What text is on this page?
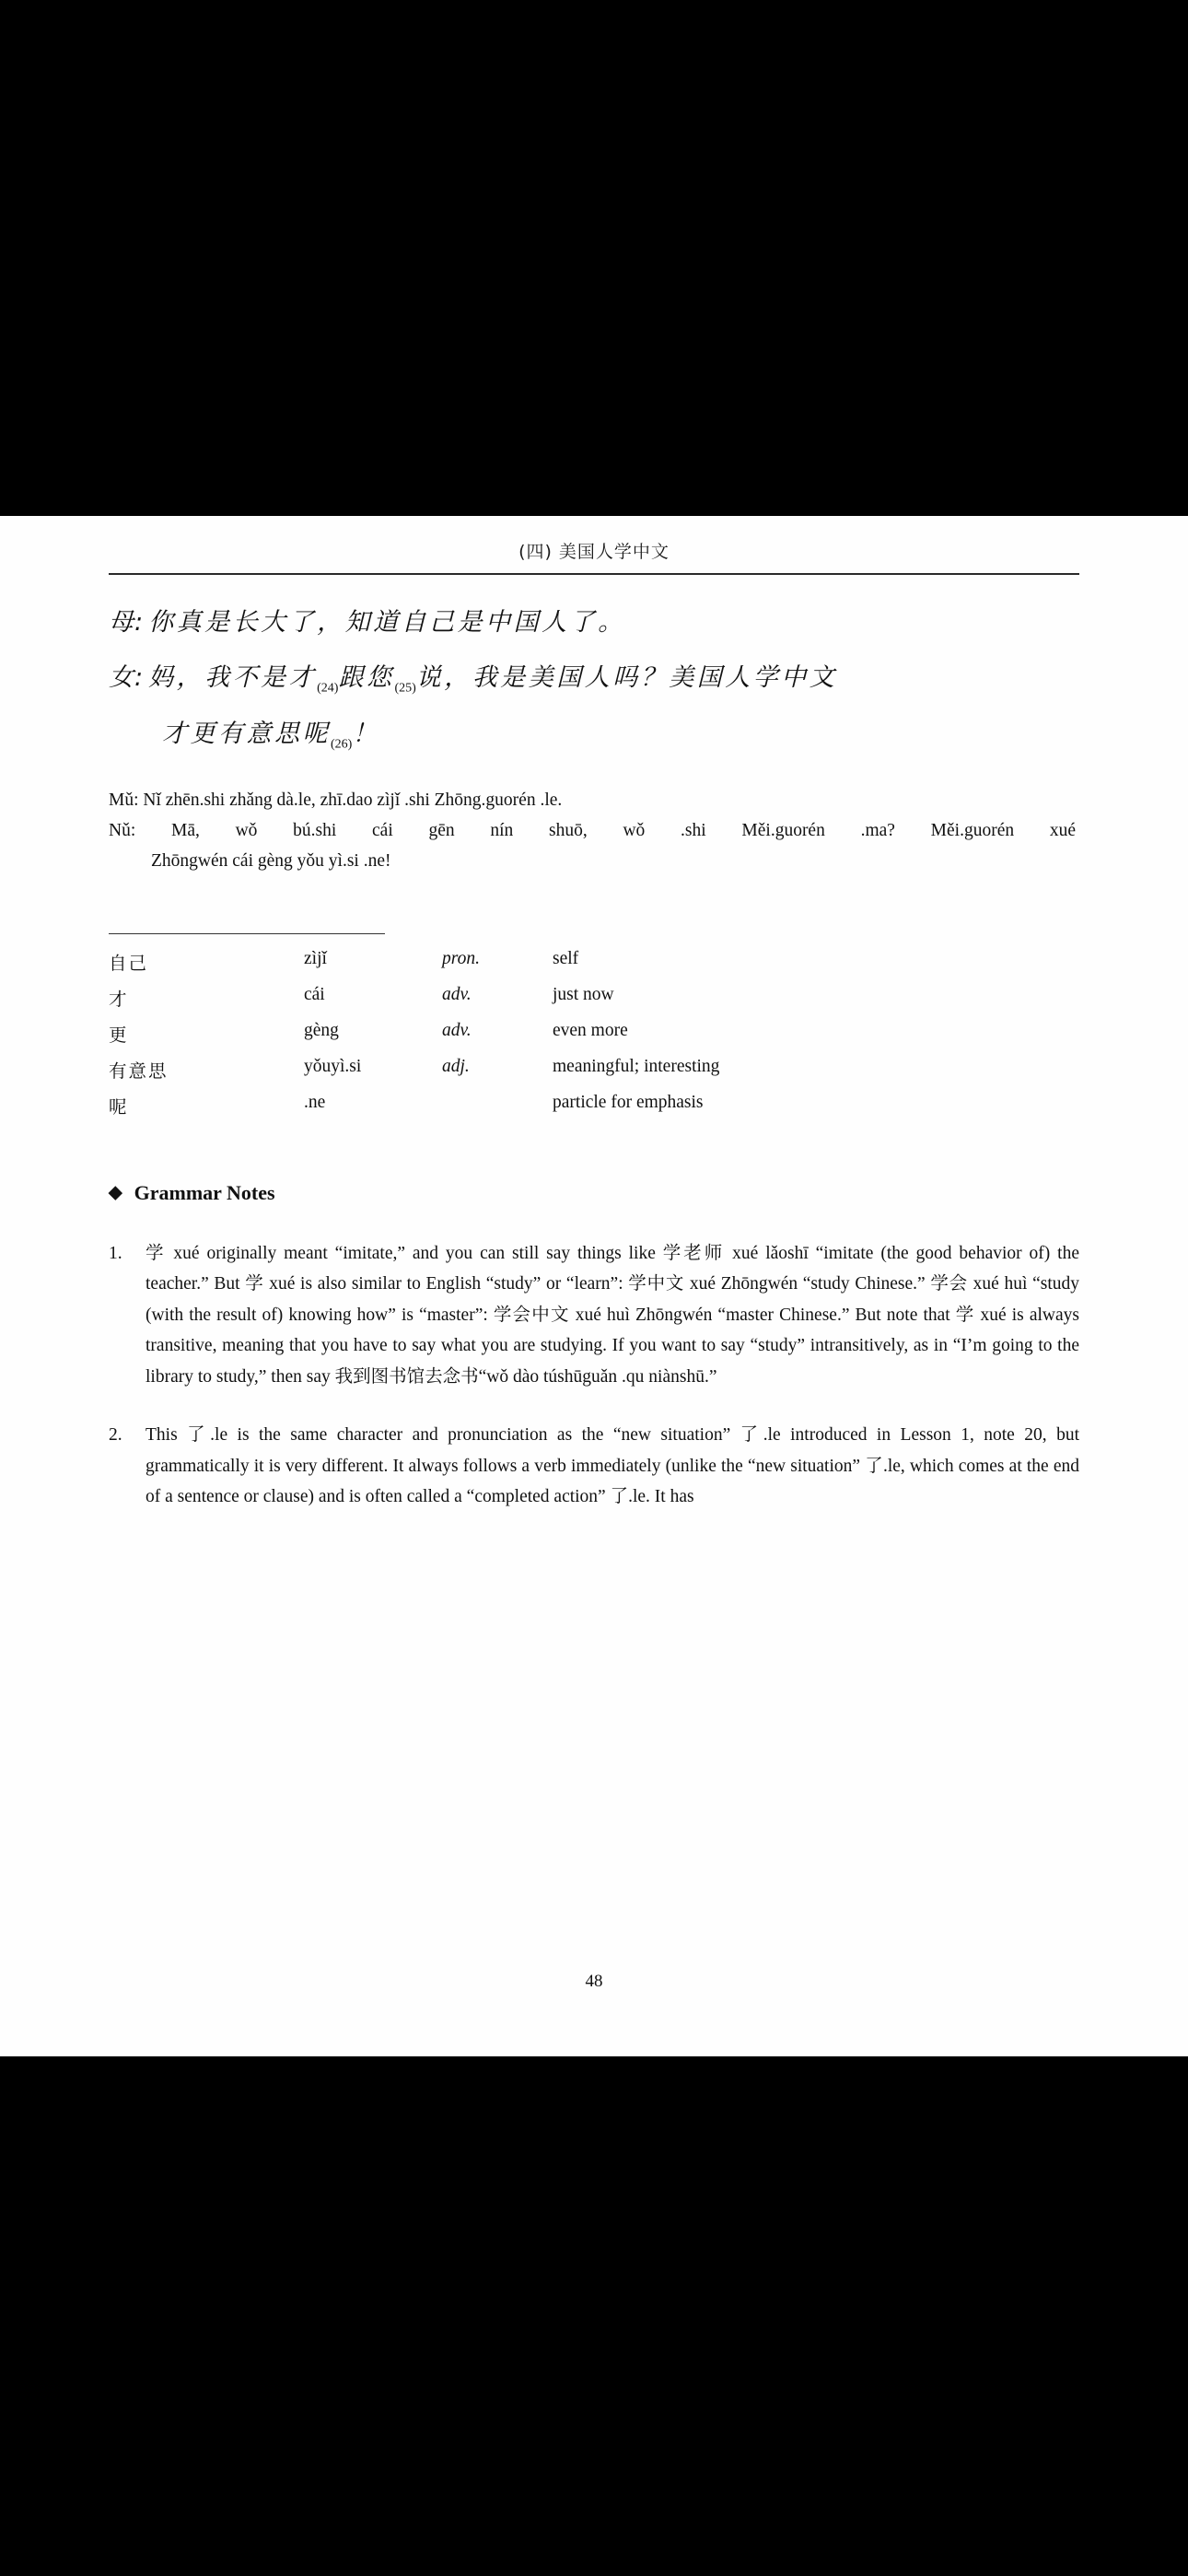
(四) 美国人学中文
母: 你真是长大了，知道自己是中国人了。
女: 妈，我不是才$_{(24)}$跟您$_{(25)}$说，我是美国人吗？美国人学中文
才更有意思呢$_{(26)}$！
Mǔ: Nǐ zhēn.shi zhǎng dà.le, zhī.dao zìjǐ .shi Zhōng.guorén .le.
Nǔ: Mā, wǒ bú.shi cái gēn nín shuō, wǒ .shi Měi.guorén .ma? Měi.guorén xué
Zhōngwén cái gèng yǒu yì.si .ne!
自己	zìjǐ	pron.	self
才	cái	adv.	just now
更	gèng	adv.	even more
有意思	yǒuyì.si	adj.	meaningful; interesting
呢	.ne		particle for emphasis
◆ Grammar Notes
1.	学 xué originally meant “imitate,” and you can still say things like 学老师 xué lǎoshī “imitate (the good behavior of) the teacher.” But 学 xué is also similar to English “study” or “learn”: 学中文 xué Zhōngwén “study Chinese.” 学会 xué huì “study (with the result of) knowing how” is “master”: 学会中文 xué huì Zhōngwén “master Chinese.” But note that 学 xué is always transitive, meaning that you have to say what you are studying. If you want to say “study” intransitively, as in “I’m going to the library to study,” then say 我到图书馆去念书“wǒ dào túshūguǎn .qu niànshū.”
2.	This 了.le is the same character and pronunciation as the “new situation” 了.le introduced in Lesson 1, note 20, but grammatically it is very different. It always follows a verb immediately (unlike the “new situation” 了.le, which comes at the end of a sentence or clause) and is often called a “completed action” 了.le. It has
48
